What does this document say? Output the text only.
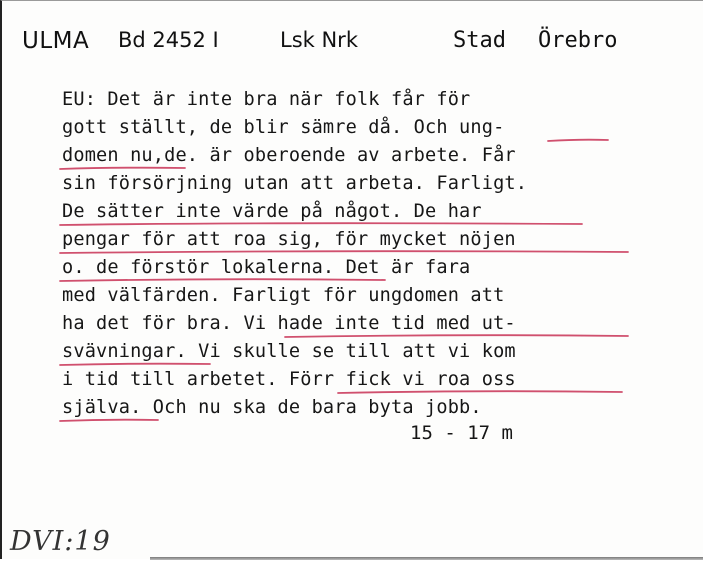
ULMA Bd 2452 I	Lsk Nrk	Stad Örebro
EU: Det är inte bra när folk får för
gott ställt, de blir sämre då. Och ung-
domen nu,de. är oberoende av arbete. Får
sin försörjning utan att arbeta. Farligt.
De sätter inte värde på något. De har
pengar för att roa sig, för mycket nöjen
o. de förstör lokalerna. Det är fara
med välfärden. Farligt för ungdomen att
ha det för bra. Vi hade inte tid med ut-
svävningar. Vi skulle se till att vi kom
i tid till arbetet. Förr fick vi roa oss
själva. Och nu ska de bara byta jobb.
15 - 17 m
DVI:19
